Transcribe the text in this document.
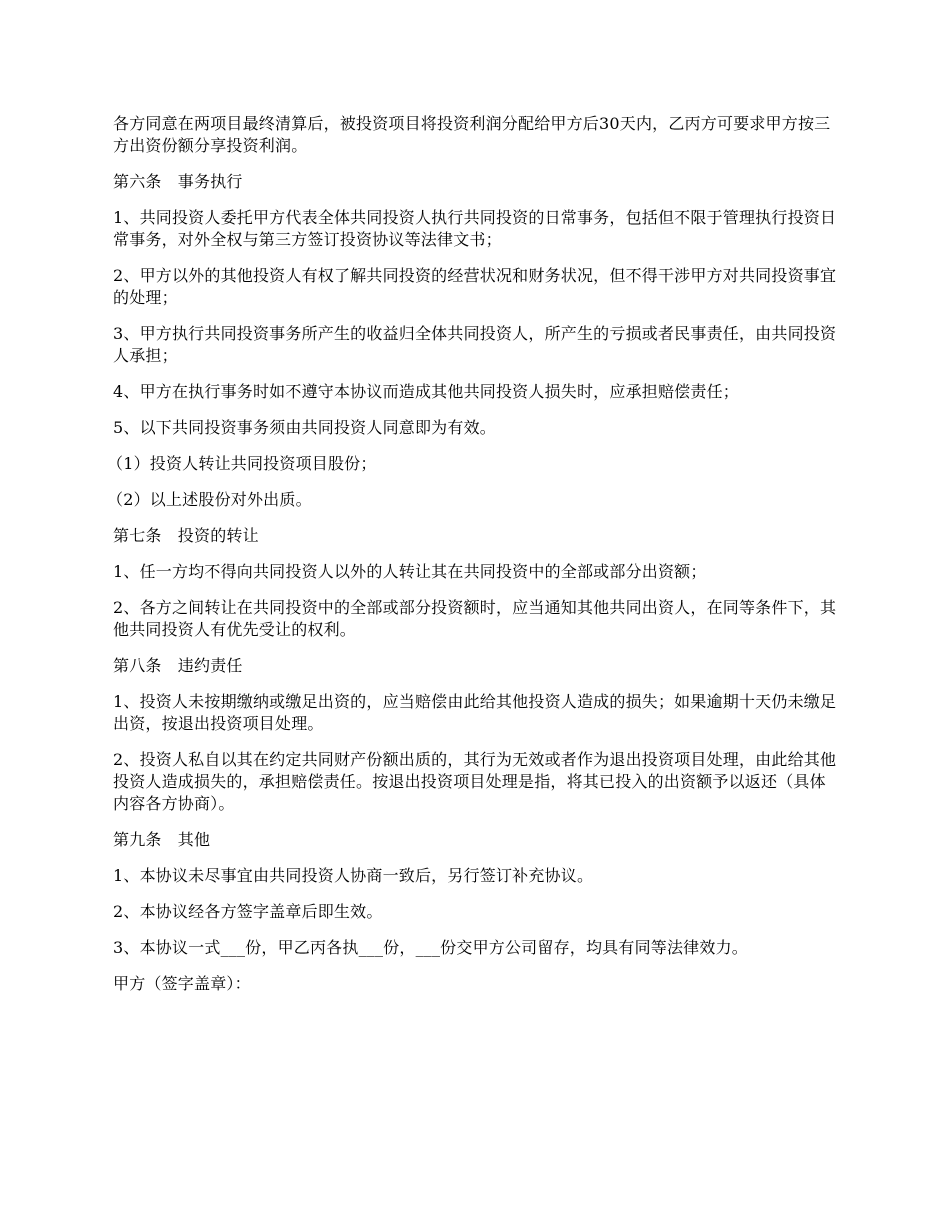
各方同意在两项目最终清算后，被投资项目将投资利润分配给甲方后30天内，乙丙方可要求甲方按三方出资份额分享投资利润。

第六条　事务执行

1、共同投资人委托甲方代表全体共同投资人执行共同投资的日常事务，包括但不限于管理执行投资日常事务，对外全权与第三方签订投资协议等法律文书；

2、甲方以外的其他投资人有权了解共同投资的经营状况和财务状况，但不得干涉甲方对共同投资事宜的处理；

3、甲方执行共同投资事务所产生的收益归全体共同投资人，所产生的亏损或者民事责任，由共同投资人承担；

4、甲方在执行事务时如不遵守本协议而造成其他共同投资人损失时，应承担赔偿责任；

5、以下共同投资事务须由共同投资人同意即为有效。

（1）投资人转让共同投资项目股份；

（2）以上述股份对外出质。

第七条　投资的转让

1、任一方均不得向共同投资人以外的人转让其在共同投资中的全部或部分出资额；

2、各方之间转让在共同投资中的全部或部分投资额时，应当通知其他共同出资人，在同等条件下，其他共同投资人有优先受让的权利。

第八条　违约责任

1、投资人未按期缴纳或缴足出资的，应当赔偿由此给其他投资人造成的损失；如果逾期十天仍未缴足出资，按退出投资项目处理。

2、投资人私自以其在约定共同财产份额出质的，其行为无效或者作为退出投资项目处理，由此给其他投资人造成损失的，承担赔偿责任。按退出投资项目处理是指，将其已投入的出资额予以返还（具体内容各方协商）。

第九条　其他

1、本协议未尽事宜由共同投资人协商一致后，另行签订补充协议。

2、本协议经各方签字盖章后即生效。

3、本协议一式___份，甲乙丙各执___份，___份交甲方公司留存，均具有同等法律效力。

甲方（签字盖章）：
